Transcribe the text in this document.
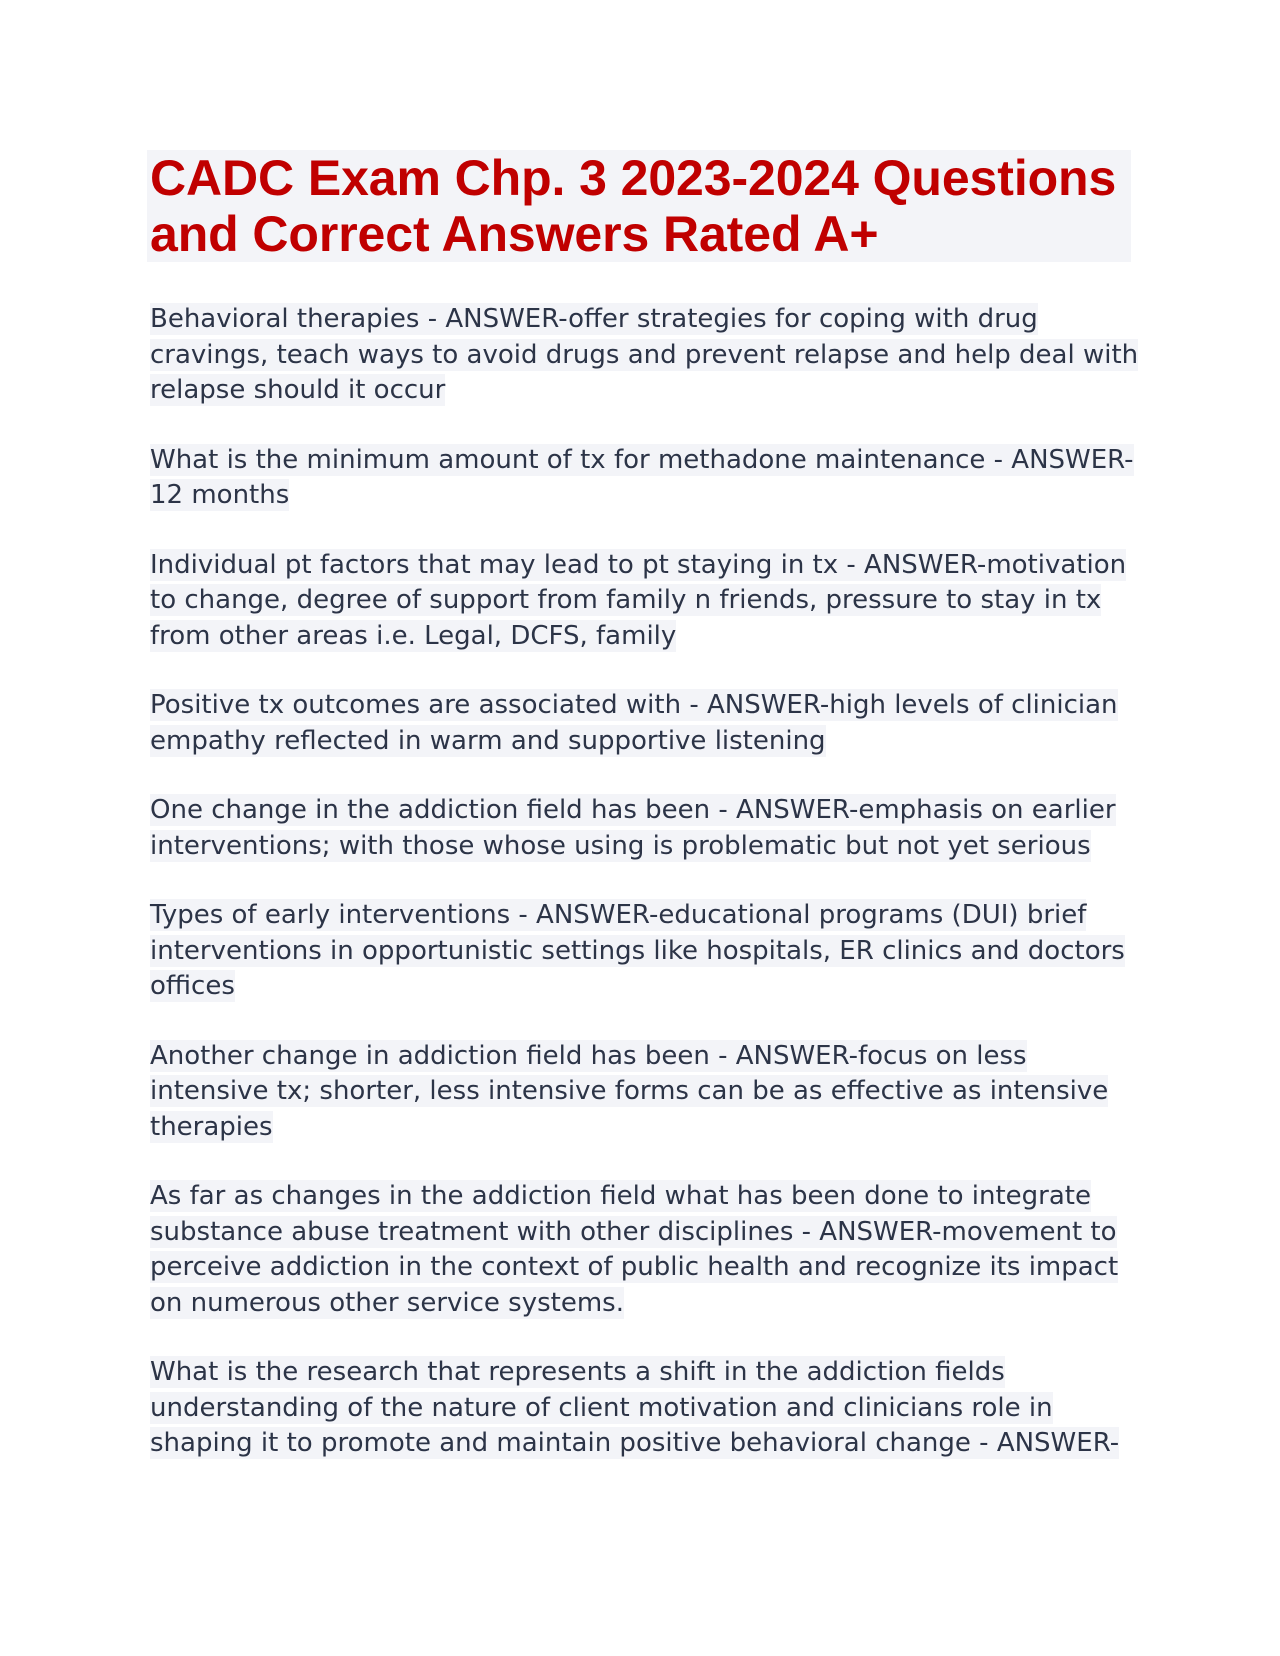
CADC Exam Chp. 3 2023-2024 Questions and Correct Answers Rated A+
Behavioral therapies - ANSWER-offer strategies for coping with drug cravings, teach ways to avoid drugs and prevent relapse and help deal with relapse should it occur
What is the minimum amount of tx for methadone maintenance - ANSWER-12 months
Individual pt factors that may lead to pt staying in tx - ANSWER-motivation to change, degree of support from family n friends, pressure to stay in tx from other areas i.e. Legal, DCFS, family
Positive tx outcomes are associated with - ANSWER-high levels of clinician empathy reflected in warm and supportive listening
One change in the addiction field has been - ANSWER-emphasis on earlier interventions; with those whose using is problematic but not yet serious
Types of early interventions - ANSWER-educational programs (DUI) brief interventions in opportunistic settings like hospitals, ER clinics and doctors offices
Another change in addiction field has been - ANSWER-focus on less intensive tx; shorter, less intensive forms can be as effective as intensive therapies
As far as changes in the addiction field what has been done to integrate substance abuse treatment with other disciplines - ANSWER-movement to perceive addiction in the context of public health and recognize its impact on numerous other service systems.
What is the research that represents a shift in the addiction fields understanding of the nature of client motivation and clinicians role in shaping it to promote and maintain positive behavioral change - ANSWER-
